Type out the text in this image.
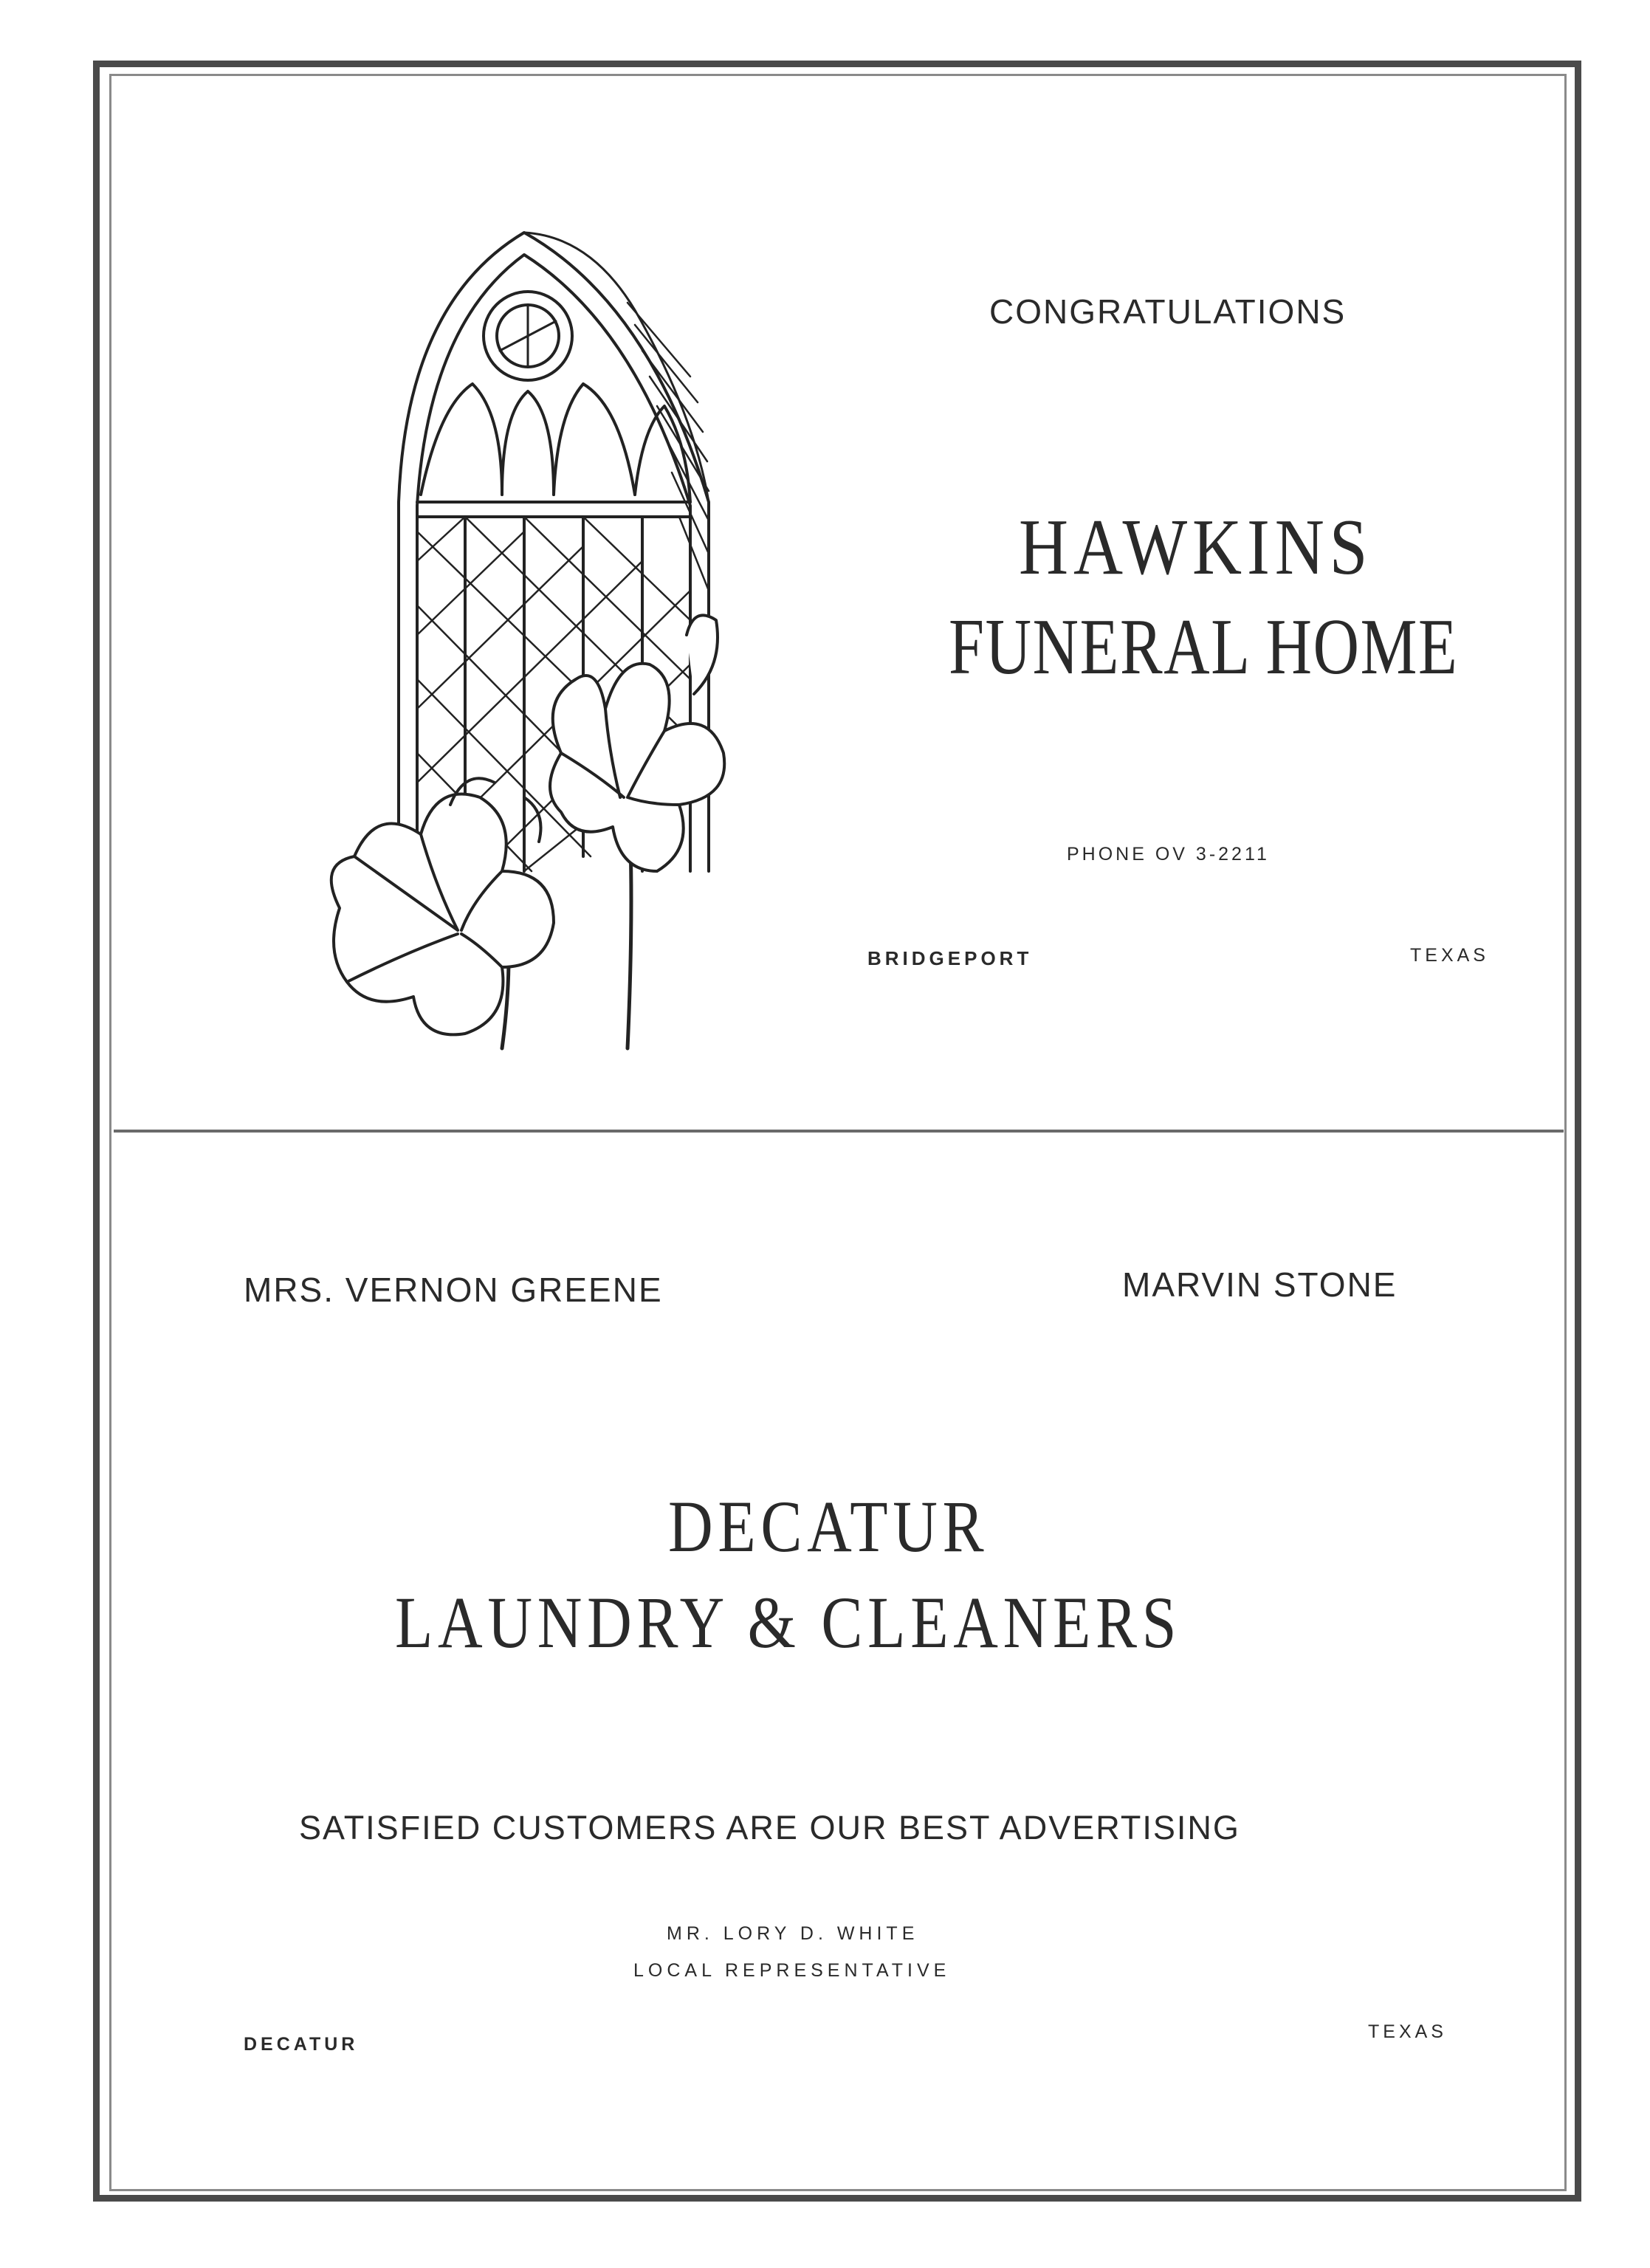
CONGRATULATIONS
HAWKINS
FUNERAL HOME
PHONE OV 3-2211
BRIDGEPORT	TEXAS
MRS. VERNON GREENE	MARVIN STONE
DECATUR
LAUNDRY & CLEANERS
SATISFIED CUSTOMERS ARE OUR BEST ADVERTISING
MR. LORY D. WHITE
LOCAL REPRESENTATIVE
DECATUR
TEXAS
